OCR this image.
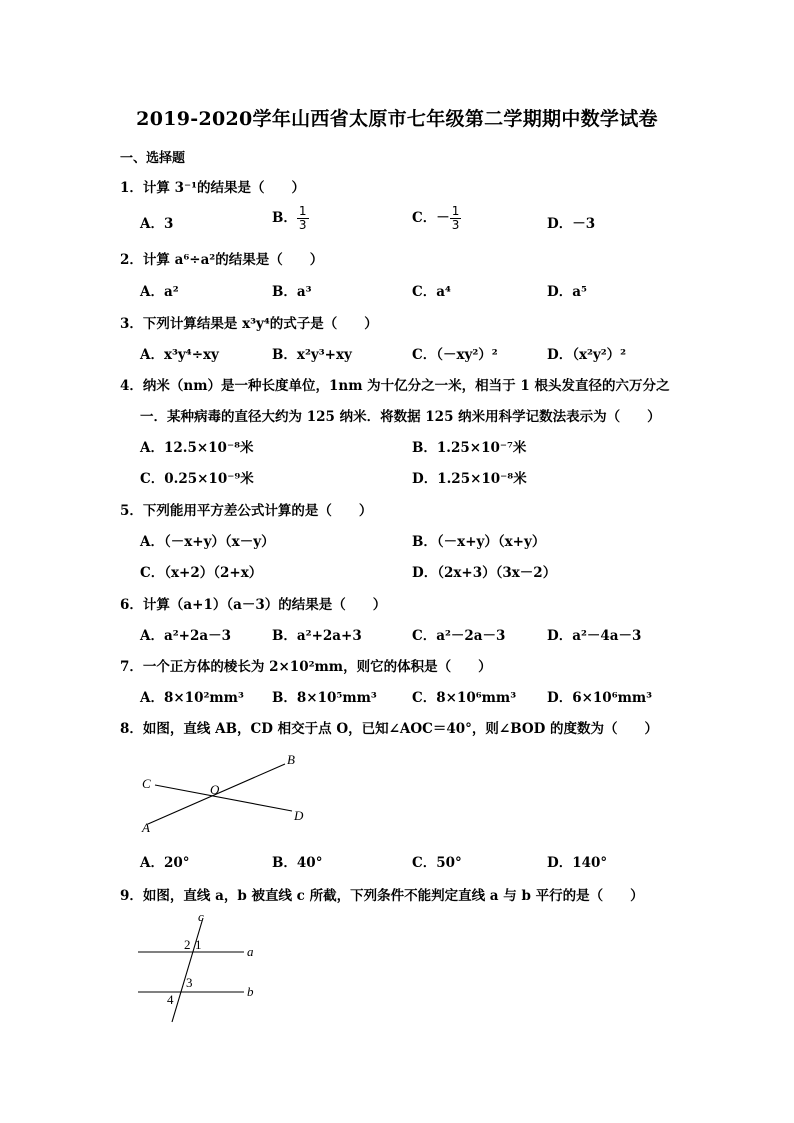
2019-2020学年山西省太原市七年级第二学期期中数学试卷
一、选择题
1．计算 3⁻¹的结果是（　　）
A．3	B． $\frac{1}{3}$	C．－ $\frac{1}{3}$	D．－3
2．计算 a⁶÷a²的结果是（　　）
A．a²	B．a³	C．a⁴	D．a⁵
3．下列计算结果是 x³y⁴的式子是（　　）
A．x³y⁴÷xy	B．x²y³+xy	C．（－xy²）²	D．（x²y²）²
4．纳米（nm）是一种长度单位，1nm 为十亿分之一米，相当于 1 根头发直径的六万分之
一．某种病毒的直径大约为 125 纳米．将数据 125 纳米用科学记数法表示为（　　）
A．12.5×10⁻⁸米	B．1.25×10⁻⁷米
C．0.25×10⁻⁹米	D．1.25×10⁻⁸米
5．下列能用平方差公式计算的是（　　）
A．（－x+y）（x－y）	B．（－x+y）（x+y）
C．（x+2）（2+x）	D．（2x+3）（3x－2）
6．计算（a+1）（a－3）的结果是（　　）
A．a²+2a－3	B．a²+2a+3	C．a²－2a－3	D．a²－4a－3
7．一个正方体的棱长为 2×10²mm，则它的体积是（　　）
A．8×10²mm³ B．8×10⁵mm³	C．8×10⁶mm³ D．6×10⁶mm³
8．如图，直线 AB，CD 相交于点 O，已知∠AOC＝40°，则∠BOD 的度数为（　　）
B
C	O
D
A
A．20°	B．40°	C．50°	D．140°
9．如图，直线 a，b 被直线 c 所截，下列条件不能判定直线 a 与 b 平行的是（　　）
c
a
b
2 1
3
4
